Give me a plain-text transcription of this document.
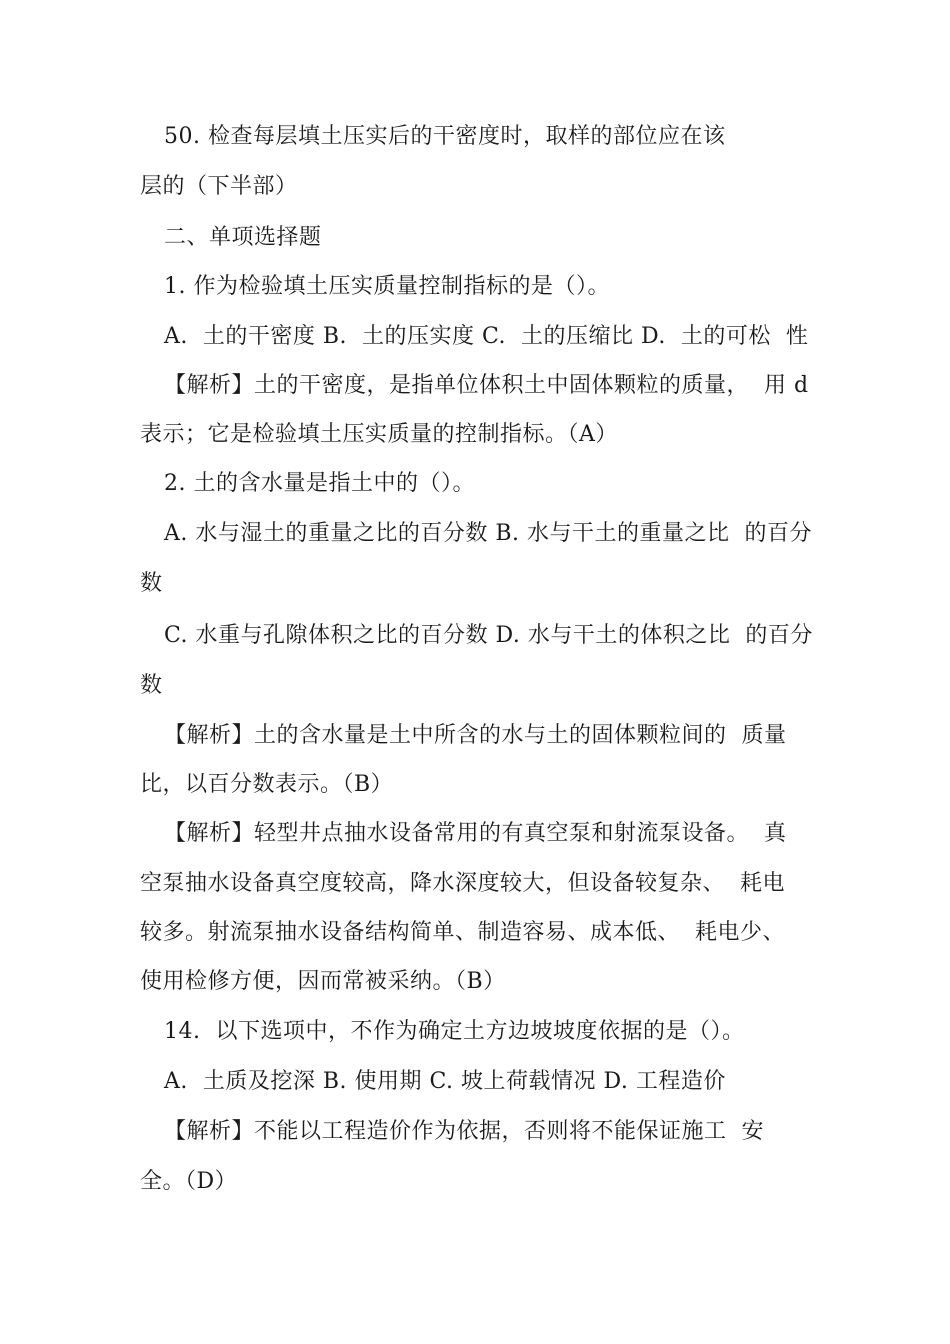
50. 检查每层填土压实后的干密度时，取样的部位应在该
层的（下半部）
二、单项选择题
1. 作为检验填土压实质量控制指标的是（）。
A.  土的干密度 B.  土的压实度 C.  土的压缩比 D.  土的可松  性
【解析】土的干密度，是指单位体积土中固体颗粒的质量，  用 d
表示；它是检验填土压实质量的控制指标。（A）
2. 土的含水量是指土中的（）。
A. 水与湿土的重量之比的百分数 B. 水与干土的重量之比  的百分
数
C. 水重与孔隙体积之比的百分数 D. 水与干土的体积之比  的百分
数
【解析】土的含水量是土中所含的水与土的固体颗粒间的  质量
比，以百分数表示。（B）
【解析】轻型井点抽水设备常用的有真空泵和射流泵设备。  真
空泵抽水设备真空度较高，降水深度较大，但设备较复杂、  耗电
较多。射流泵抽水设备结构简单、制造容易、成本低、  耗电少、
使用检修方便，因而常被采纳。（B）
14.  以下选项中，不作为确定土方边坡坡度依据的是（）。
A.  土质及挖深 B. 使用期 C. 坡上荷载情况 D. 工程造价
【解析】不能以工程造价作为依据，否则将不能保证施工  安
全。（D）
